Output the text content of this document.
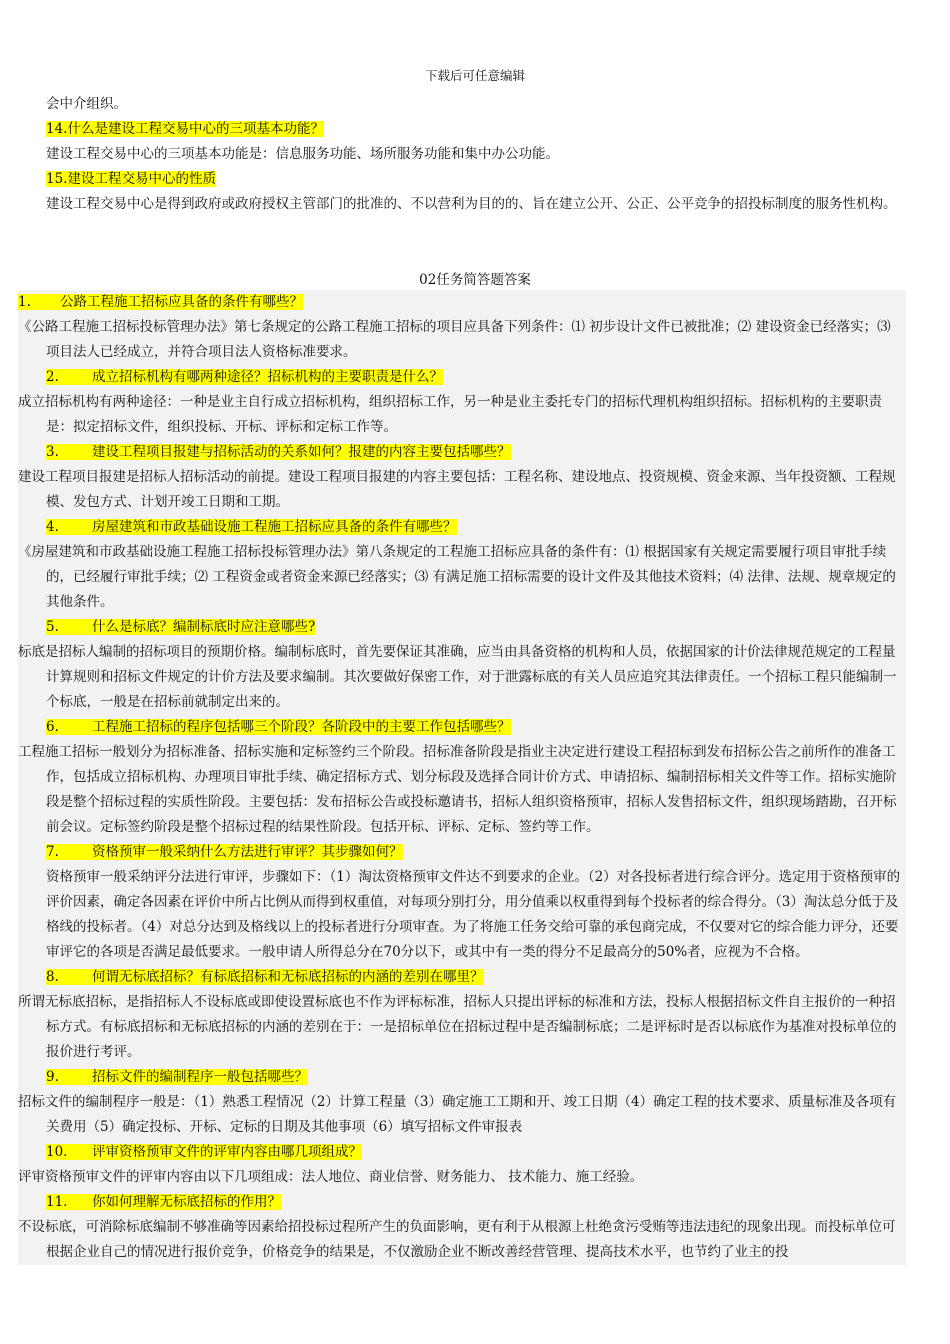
下载后可任意编辑

会中介组织。

14.什么是建设工程交易中心的三项基本功能？

建设工程交易中心的三项基本功能是：信息服务功能、场所服务功能和集中办公功能。

15.建设工程交易中心的性质

建设工程交易中心是得到政府或政府授权主管部门的批准的、不以营利为目的的、旨在建立公开、公正、公平竞争的招投标制度的服务性机构。

02任务简答题答案
1. 公路工程施工招标应具备的条件有哪些？
《公路工程施工招标投标管理办法》第七条规定的公路工程施工招标的项目应具备下列条件：⑴ 初步设计文件已被批准；⑵ 建设资金已经落实；⑶ 项目法人已经成立，并符合项目法人资格标准要求。
2. 成立招标机构有哪两种途径？招标机构的主要职责是什么？
成立招标机构有两种途径：一种是业主自行成立招标机构，组织招标工作，另一种是业主委托专门的招标代理机构组织招标。招标机构的主要职责是：拟定招标文件，组织投标、开标、评标和定标工作等。
3. 建设工程项目报建与招标活动的关系如何？报建的内容主要包括哪些？
建设工程项目报建是招标人招标活动的前提。建设工程项目报建的内容主要包括：工程名称、建设地点、投资规模、资金来源、当年投资额、工程规模、发包方式、计划开竣工日期和工期。
4. 房屋建筑和市政基础设施工程施工招标应具备的条件有哪些？
《房屋建筑和市政基础设施工程施工招标投标管理办法》第八条规定的工程施工招标应具备的条件有：⑴ 根据国家有关规定需要履行项目审批手续的，已经履行审批手续；⑵ 工程资金或者资金来源已经落实；⑶ 有满足施工招标需要的设计文件及其他技术资料；⑷ 法律、法规、规章规定的其他条件。
5. 什么是标底？编制标底时应注意哪些?
标底是招标人编制的招标项目的预期价格。编制标底时，首先要保证其准确，应当由具备资格的机构和人员，依据国家的计价法律规范规定的工程量计算规则和招标文件规定的计价方法及要求编制。其次要做好保密工作，对于泄露标底的有关人员应追究其法律责任。一个招标工程只能编制一个标底，一般是在招标前就制定出来的。
6. 工程施工招标的程序包括哪三个阶段？各阶段中的主要工作包括哪些？
工程施工招标一般划分为招标准备、招标实施和定标签约三个阶段。招标准备阶段是指业主决定进行建设工程招标到发布招标公告之前所作的准备工作，包括成立招标机构、办理项目审批手续、确定招标方式、划分标段及选择合同计价方式、申请招标、编制招标相关文件等工作。招标实施阶段是整个招标过程的实质性阶段。主要包括：发布招标公告或投标邀请书，招标人组织资格预审，招标人发售招标文件，组织现场踏勘，召开标前会议。定标签约阶段是整个招标过程的结果性阶段。包括开标、评标、定标、签约等工作。
7. 资格预审一般采纳什么方法进行审评？其步骤如何？
资格预审一般采纳评分法进行审评，步骤如下：（1）淘汰资格预审文件达不到要求的企业。（2）对各投标者进行综合评分。选定用于资格预审的评价因素，确定各因素在评价中所占比例从而得到权重值，对每项分别打分，用分值乘以权重得到每个投标者的综合得分。（3）淘汰总分低于及格线的投标者。（4）对总分达到及格线以上的投标者进行分项审查。为了将施工任务交给可靠的承包商完成，不仅要对它的综合能力评分，还要审评它的各项是否满足最低要求。一般申请人所得总分在70分以下，或其中有一类的得分不足最高分的50%者，应视为不合格。
8. 何谓无标底招标？有标底招标和无标底招标的内涵的差别在哪里？
所谓无标底招标，是指招标人不设标底或即使设置标底也不作为评标标准，招标人只提出评标的标准和方法，投标人根据招标文件自主报价的一种招标方式。有标底招标和无标底招标的内涵的差别在于：一是招标单位在招标过程中是否编制标底；二是评标时是否以标底作为基准对投标单位的报价进行考评。
9. 招标文件的编制程序一般包括哪些？
招标文件的编制程序一般是：（1）熟悉工程情况（2）计算工程量（3）确定施工工期和开、竣工日期（4）确定工程的技术要求、质量标准及各项有关费用（5）确定投标、开标、定标的日期及其他事项（6）填写招标文件审报表
10. 评审资格预审文件的评审内容由哪几项组成？
评审资格预审文件的评审内容由以下几项组成：法人地位、商业信誉、财务能力、 技术能力、施工经验。
11. 你如何理解无标底招标的作用？
不设标底，可消除标底编制不够准确等因素给招投标过程所产生的负面影响，更有利于从根源上杜绝贪污受贿等违法违纪的现象出现。而投标单位可根据企业自己的情况进行报价竞争，价格竞争的结果是，不仅激励企业不断改善经营管理、提高技术水平，也节约了业主的投
